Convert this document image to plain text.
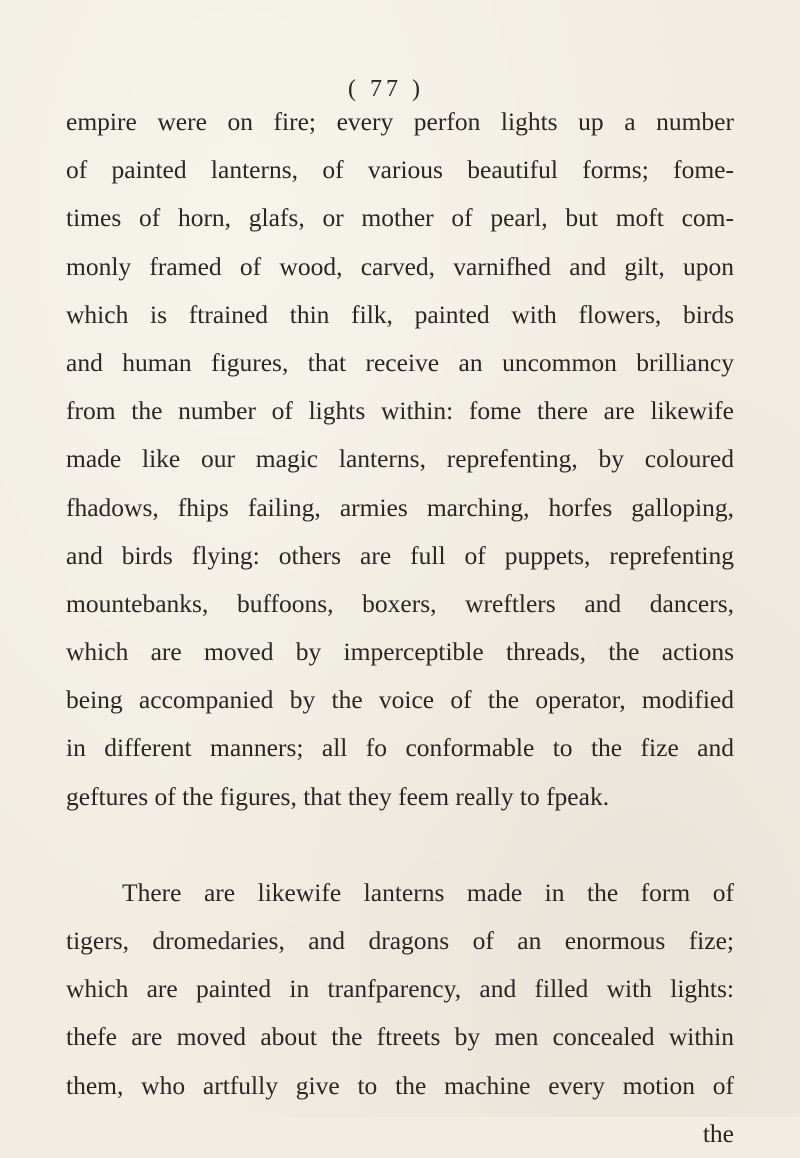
( 77 )
empire were on fire; every perfon lights up a number
of painted lanterns, of various beautiful forms; fome-
times of horn, glafs, or mother of pearl, but moft com-
monly framed of wood, carved, varnifhed and gilt, upon
which is ftrained thin filk, painted with flowers, birds
and human figures, that receive an uncommon brilliancy
from the number of lights within: fome there are likewife
made like our magic lanterns, reprefenting, by coloured
fhadows, fhips failing, armies marching, horfes galloping,
and birds flying: others are full of puppets, reprefenting
mountebanks, buffoons, boxers, wreftlers and dancers,
which are moved by imperceptible threads, the actions
being accompanied by the voice of the operator, modified
in different manners; all fo conformable to the fize and
geftures of the figures, that they feem really to fpeak.
There are likewife lanterns made in the form of
tigers, dromedaries, and dragons of an enormous fize;
which are painted in tranfparency, and filled with lights:
thefe are moved about the ftreets by men concealed within
them, who artfully give to the machine every motion of
the
